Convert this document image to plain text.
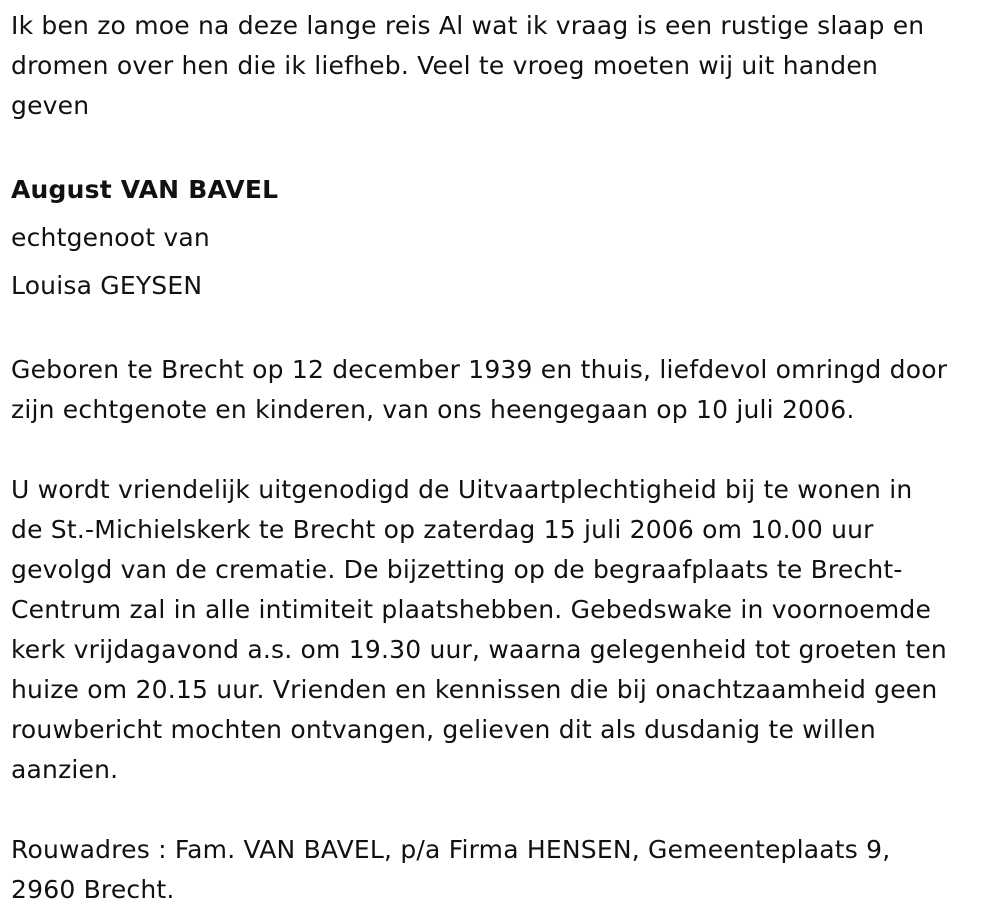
Ik ben zo moe na deze lange reis Al wat ik vraag is een rustige slaap en
dromen over hen die ik liefheb. Veel te vroeg moeten wij uit handen
geven
August VAN BAVEL
echtgenoot van
Louisa GEYSEN
Geboren te Brecht op 12 december 1939 en thuis, liefdevol omringd door
zijn echtgenote en kinderen, van ons heengegaan op 10 juli 2006.
U wordt vriendelijk uitgenodigd de Uitvaartplechtigheid bij te wonen in
de St.-Michielskerk te Brecht op zaterdag 15 juli 2006 om 10.00 uur
gevolgd van de crematie. De bijzetting op de begraafplaats te Brecht-
Centrum zal in alle intimiteit plaatshebben. Gebedswake in voornoemde
kerk vrijdagavond a.s. om 19.30 uur, waarna gelegenheid tot groeten ten
huize om 20.15 uur. Vrienden en kennissen die bij onachtzaamheid geen
rouwbericht mochten ontvangen, gelieven dit als dusdanig te willen
aanzien.
Rouwadres : Fam. VAN BAVEL, p/a Firma HENSEN, Gemeenteplaats 9,
2960 Brecht.
